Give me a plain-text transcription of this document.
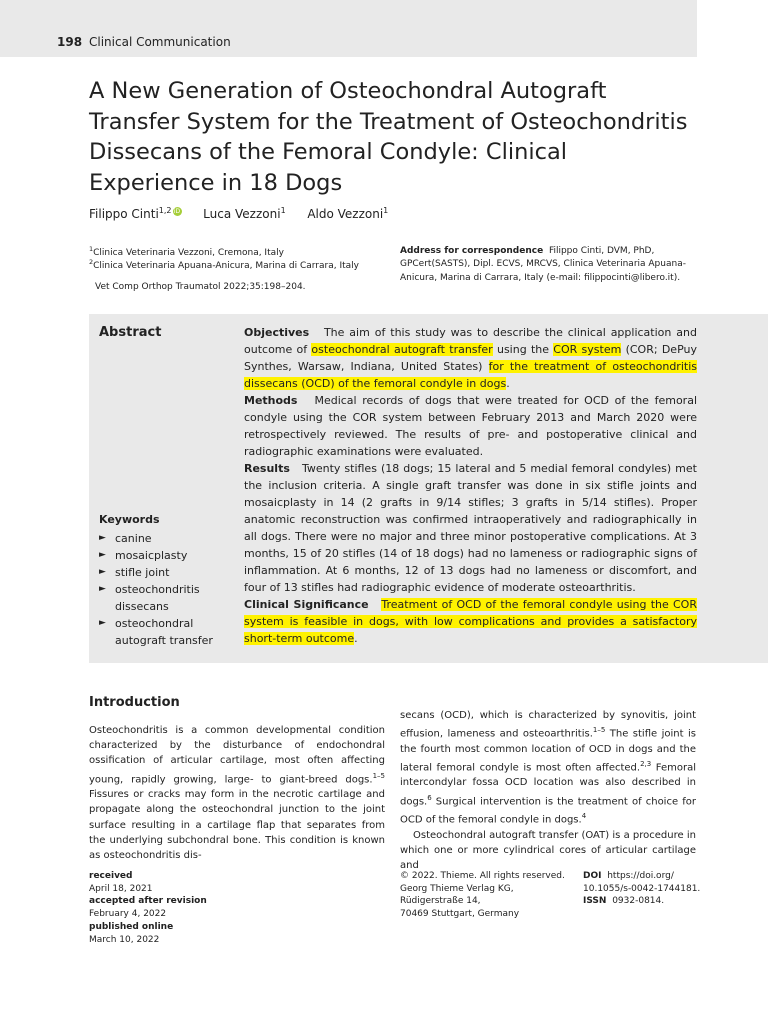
198 Clinical Communication
A New Generation of Osteochondral Autograft Transfer System for the Treatment of Osteochondritis Dissecans of the Femoral Condyle: Clinical Experience in 18 Dogs
Filippo Cinti$^{1,2}$ iD Luca Vezzoni$^1$ Aldo Vezzoni$^1$
$^1$Clinica Veterinaria Vezzoni, Cremona, Italy
$^2$Clinica Veterinaria Apuana-Anicura, Marina di Carrara, Italy
Address for correspondence Filippo Cinti, DVM, PhD, GPCert(SASTS), Dipl. ECVS, MRCVS, Clinica Veterinaria Apuana-Anicura, Marina di Carrara, Italy (e-mail: filippocinti@libero.it).
Vet Comp Orthop Traumatol 2022;35:198–204.
Abstract	Objectives The aim of this study was to describe the clinical application and outcome of osteochondral autograft transfer using the COR system (COR; DePuy Synthes, Warsaw, Indiana, United States) for the treatment of osteochondritis dissecans (OCD) of the femoral condyle in dogs.

Methods Medical records of dogs that were treated for OCD of the femoral condyle using the COR system between February 2013 and March 2020 were retrospectively reviewed. The results of pre- and postoperative clinical and radiographic examinations were evaluated.

Results Twenty stifles (18 dogs; 15 lateral and 5 medial femoral condyles) met the inclusion criteria. A single graft transfer was done in six stifle joints and mosaicplasty in 14 (2 grafts in 9/14 stifles; 3 grafts in 5/14 stifles). Proper anatomic reconstruction was confirmed intraoperatively and radiographically in all dogs. There were no major and three minor postoperative complications. At 3 months, 15 of 20 stifles (14 of 18 dogs) had no lameness or radiographic signs of inflammation. At 6 months, 12 of 13 dogs had no lameness or discomfort, and four of 13 stifles had radiographic evidence of moderate osteoarthritis.

Clinical Significance Treatment of OCD of the femoral condyle using the COR system is feasible in dogs, with low complications and provides a satisfactory short-term outcome.

Keywords
► canine
► mosaicplasty
► stifle joint
► osteochondritis dissecans
► osteochondral autograft transfer
Introduction

Osteochondritis is a common developmental condition characterized by the disturbance of endochondral ossification of articular cartilage, most often affecting young, rapidly growing, large- to giant-breed dogs.$^{1-5}$ Fissures or cracks may form in the necrotic cartilage and propagate along the osteochondral junction to the joint surface resulting in a cartilage flap that separates from the underlying subchondral bone. This condition is known as osteochondritis dis-

secans (OCD), which is characterized by synovitis, joint effusion, lameness and osteoarthritis.$^{1-5}$ The stifle joint is the fourth most common location of OCD in dogs and the lateral femoral condyle is most often affected.$^{2,3}$ Femoral intercondylar fossa OCD location was also described in dogs.$^6$ Surgical intervention is the treatment of choice for OCD of the femoral condyle in dogs.$^4$

Osteochondral autograft transfer (OAT) is a procedure in which one or more cylindrical cores of articular cartilage and

received
April 18, 2021
accepted after revision
February 4, 2022
published online
March 10, 2022
© 2022. Thieme. All rights reserved.
Georg Thieme Verlag KG,
Rüdigerstraße 14,
70469 Stuttgart, Germany
DOI https://doi.org/
10.1055/s-0042-1744181.
ISSN 0932-0814.
